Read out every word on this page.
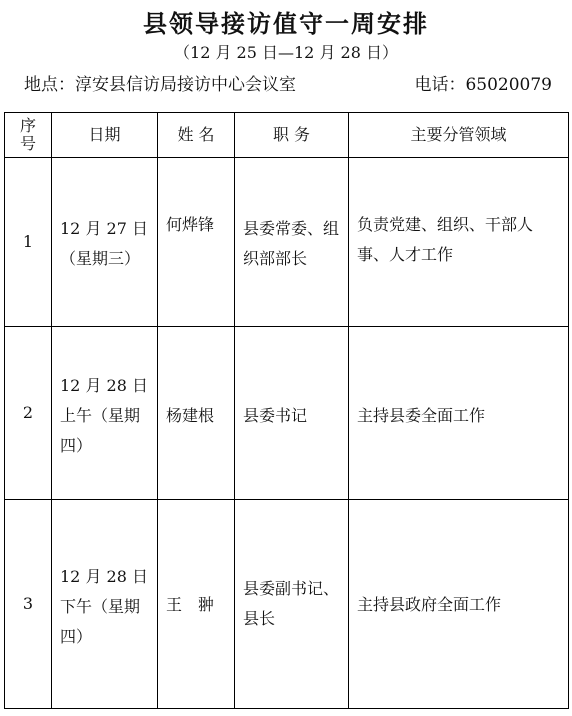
县领导接访值守一周安排
（12 月 25 日—12 月 28 日）
地点：淳安县信访局接访中心会议室	电话：65020079
序号	日期	姓 名	职 务	主要分管领域
1	12 月 27 日（星期三）	何烨锋	县委常委、组织部部长	负责党建、组织、干部人事、人才工作

2	12 月 28 日上午（星期四）	杨建根	县委书记	主持县委全面工作

3	12 月 28 日下午（星期四）	王　翀	县委副书记、县长	主持县政府全面工作
